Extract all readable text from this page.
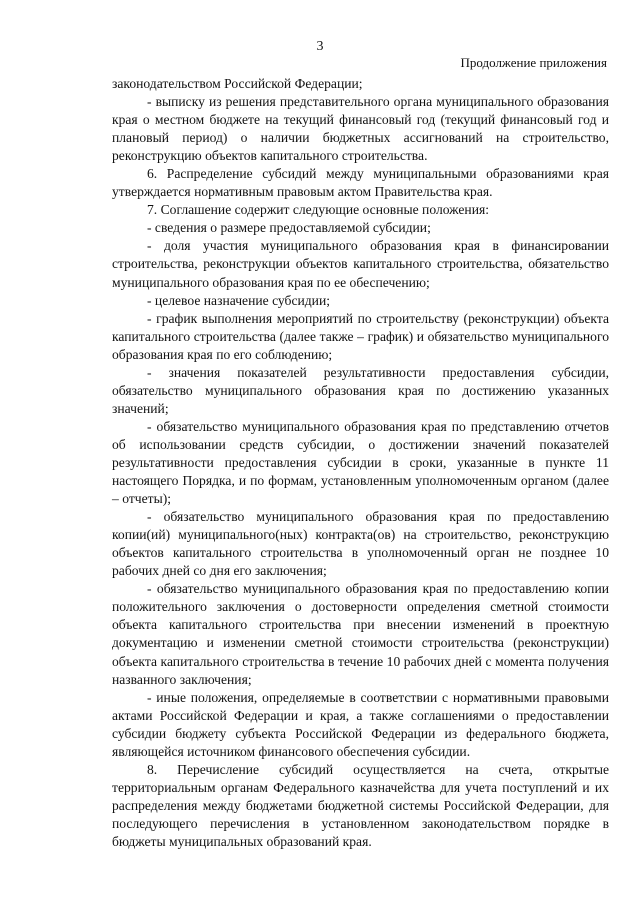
3
Продолжение приложения

законодательством Российской Федерации;

- выписку из решения представительного органа муниципального образования края о местном бюджете на текущий финансовый год (текущий финансовый год и плановый период) о наличии бюджетных ассигнований на строительство, реконструкцию объектов капитального строительства.

6. Распределение субсидий между муниципальными образованиями края утверждается нормативным правовым актом Правительства края.

7. Соглашение содержит следующие основные положения:

- сведения о размере предоставляемой субсидии;

- доля участия муниципального образования края в финансировании строительства, реконструкции объектов капитального строительства, обязательство муниципального образования края по ее обеспечению;

- целевое назначение субсидии;

- график выполнения мероприятий по строительству (реконструкции) объекта капитального строительства (далее также – график) и обязательство муниципального образования края по его соблюдению;

- значения показателей результативности предоставления субсидии, обязательство муниципального образования края по достижению указанных значений;

- обязательство муниципального образования края по представлению отчетов об использовании средств субсидии, о достижении значений показателей результативности предоставления субсидии в сроки, указанные в пункте 11 настоящего Порядка, и по формам, установленным уполномоченным органом (далее – отчеты);

- обязательство муниципального образования края по предоставлению копии(ий) муниципального(ных) контракта(ов) на строительство, реконструкцию объектов капитального строительства в уполномоченный орган не позднее 10 рабочих дней со дня его заключения;

- обязательство муниципального образования края по предоставлению копии положительного заключения о достоверности определения сметной стоимости объекта капитального строительства при внесении изменений в проектную документацию и изменении сметной стоимости строительства (реконструкции) объекта капитального строительства в течение 10 рабочих дней с момента получения названного заключения;

- иные положения, определяемые в соответствии с нормативными правовыми актами Российской Федерации и края, а также соглашениями о предоставлении субсидии бюджету субъекта Российской Федерации из федерального бюджета, являющейся источником финансового обеспечения субсидии.

8. Перечисление субсидий осуществляется на счета, открытые территориальным органам Федерального казначейства для учета поступлений и их распределения между бюджетами бюджетной системы Российской Федерации, для последующего перечисления в установленном законодательством порядке в бюджеты муниципальных образований края.
